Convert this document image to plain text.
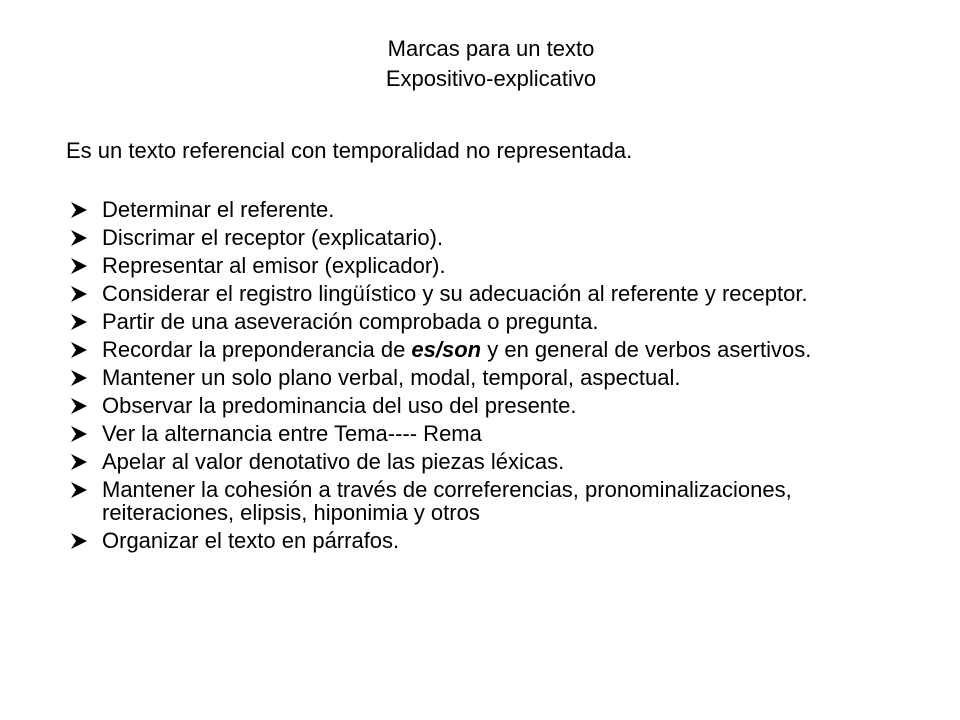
Marcas para un texto
Expositivo-explicativo
Es un texto referencial con temporalidad no representada.
Determinar el referente.
Discrimar el receptor (explicatario).
Representar al emisor (explicador).
Considerar el registro lingüístico y su adecuación al referente y receptor.
Partir de una aseveración comprobada o pregunta.
Recordar la preponderancia de es/son y en general de verbos asertivos.
Mantener un solo plano verbal, modal, temporal, aspectual.
Observar la predominancia del uso del presente.
Ver la alternancia entre Tema---- Rema
Apelar al valor denotativo de las piezas léxicas.
Mantener la cohesión a través de correferencias, pronominalizaciones, reiteraciones, elipsis, hiponimia y otros
Organizar el texto en párrafos.
